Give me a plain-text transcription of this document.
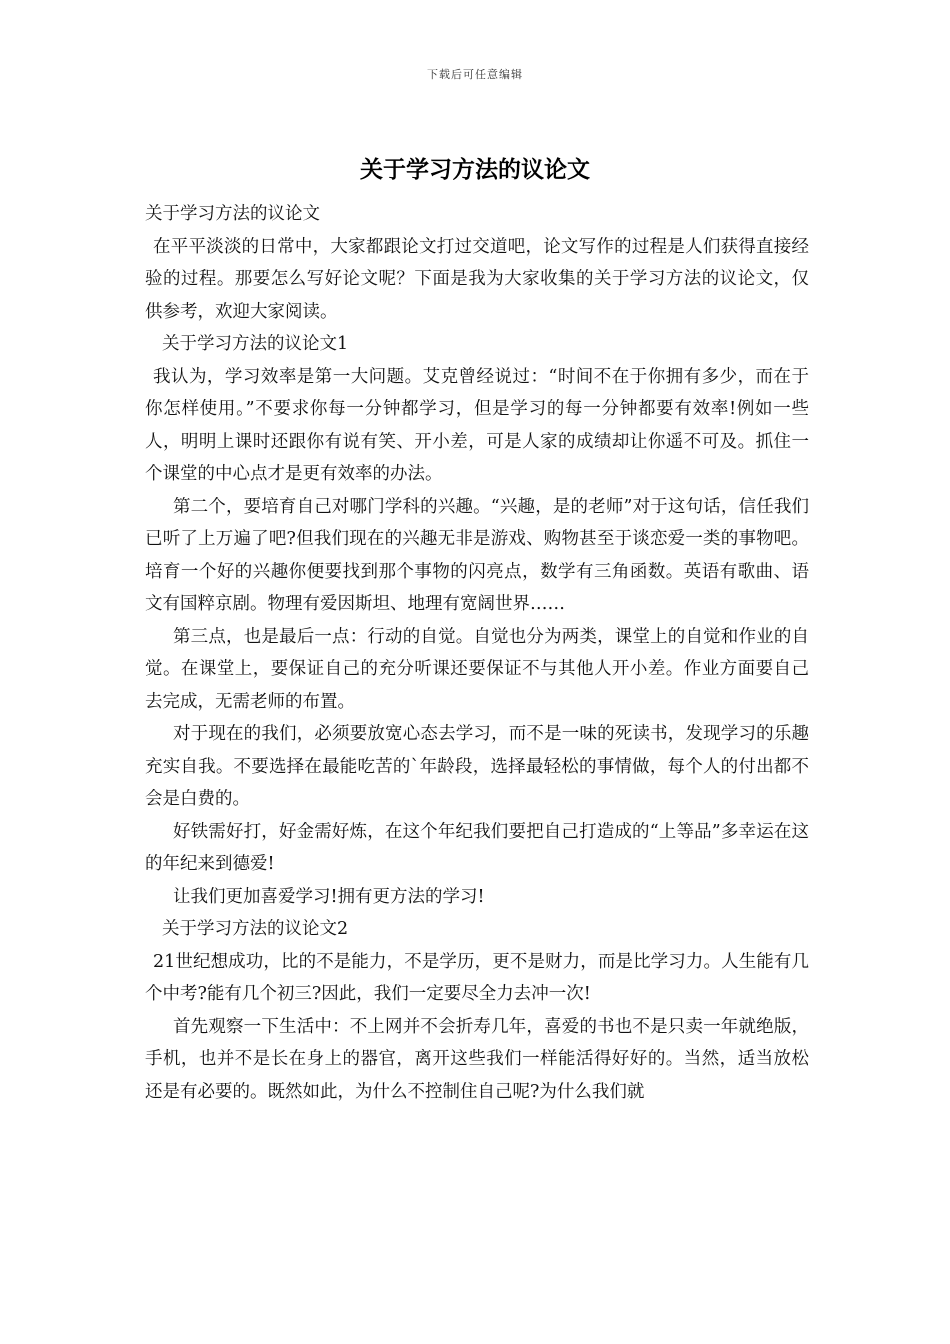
下载后可任意编辑
关于学习方法的议论文

关于学习方法的议论文

在平平淡淡的日常中，大家都跟论文打过交道吧，论文写作的过程是人们获得直接经验的过程。那要怎么写好论文呢？下面是我为大家收集的关于学习方法的议论文，仅供参考，欢迎大家阅读。

关于学习方法的议论文1

我认为，学习效率是第一大问题。艾克曾经说过：“时间不在于你拥有多少，而在于你怎样使用。”不要求你每一分钟都学习，但是学习的每一分钟都要有效率!例如一些人，明明上课时还跟你有说有笑、开小差，可是人家的成绩却让你遥不可及。抓住一个课堂的中心点才是更有效率的办法。

第二个，要培育自己对哪门学科的兴趣。“兴趣，是的老师”对于这句话，信任我们已听了上万遍了吧?但我们现在的兴趣无非是游戏、购物甚至于谈恋爱一类的事物吧。培育一个好的兴趣你便要找到那个事物的闪亮点，数学有三角函数。英语有歌曲、语文有国粹京剧。物理有爱因斯坦、地理有宽阔世界……

第三点，也是最后一点：行动的自觉。自觉也分为两类，课堂上的自觉和作业的自觉。在课堂上，要保证自己的充分听课还要保证不与其他人开小差。作业方面要自己去完成，无需老师的布置。

对于现在的我们，必须要放宽心态去学习，而不是一味的死读书，发现学习的乐趣充实自我。不要选择在最能吃苦的`年龄段，选择最轻松的事情做，每个人的付出都不会是白费的。

好铁需好打，好金需好炼，在这个年纪我们要把自己打造成的“上等品”多幸运在这的年纪来到德爱!

让我们更加喜爱学习!拥有更方法的学习!

关于学习方法的议论文2

21世纪想成功，比的不是能力，不是学历，更不是财力，而是比学习力。人生能有几个中考?能有几个初三?因此，我们一定要尽全力去冲一次!

首先观察一下生活中：不上网并不会折寿几年，喜爱的书也不是只卖一年就绝版，手机，也并不是长在身上的器官，离开这些我们一样能活得好好的。当然，适当放松还是有必要的。既然如此，为什么不控制住自己呢?为什么我们就
